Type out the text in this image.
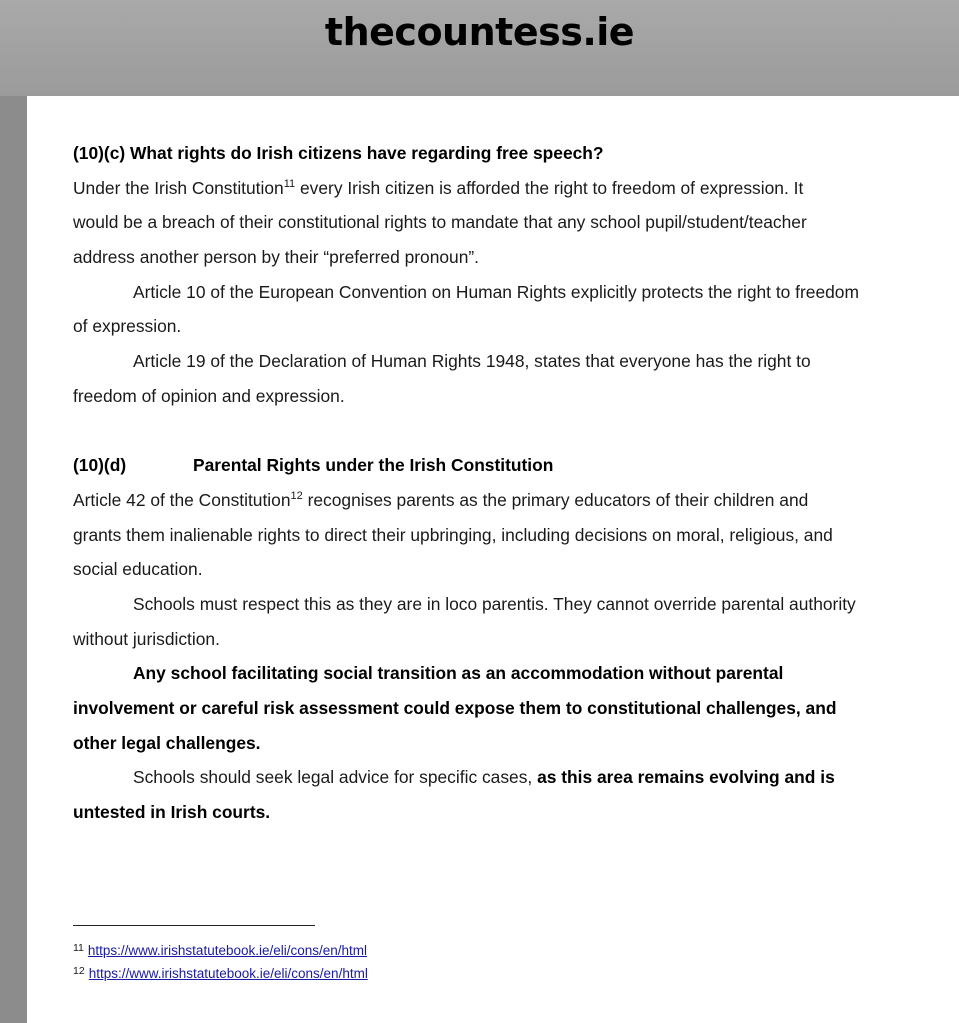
thecountess.ie
(10)(c) What rights do Irish citizens have regarding free speech?
Under the Irish Constitution$^{11}$ every Irish citizen is afforded the right to freedom of expression. It
would be a breach of their constitutional rights to mandate that any school pupil/student/teacher
address another person by their “preferred pronoun”.
Article 10 of the European Convention on Human Rights explicitly protects the right to freedom
of expression.
Article 19 of the Declaration of Human Rights 1948, states that everyone has the right to
freedom of opinion and expression.
(10)(d)	Parental Rights under the Irish Constitution
Article 42 of the Constitution$^{12}$ recognises parents as the primary educators of their children and
grants them inalienable rights to direct their upbringing, including decisions on moral, religious, and
social education.
Schools must respect this as they are in loco parentis. They cannot override parental authority
without jurisdiction.
Any school facilitating social transition as an accommodation without parental
involvement or careful risk assessment could expose them to constitutional challenges, and
other legal challenges.
Schools should seek legal advice for specific cases, as this area remains evolving and is
untested in Irish courts.
$^{11}$ https://www.irishstatutebook.ie/eli/cons/en/html
$^{12}$ https://www.irishstatutebook.ie/eli/cons/en/html
